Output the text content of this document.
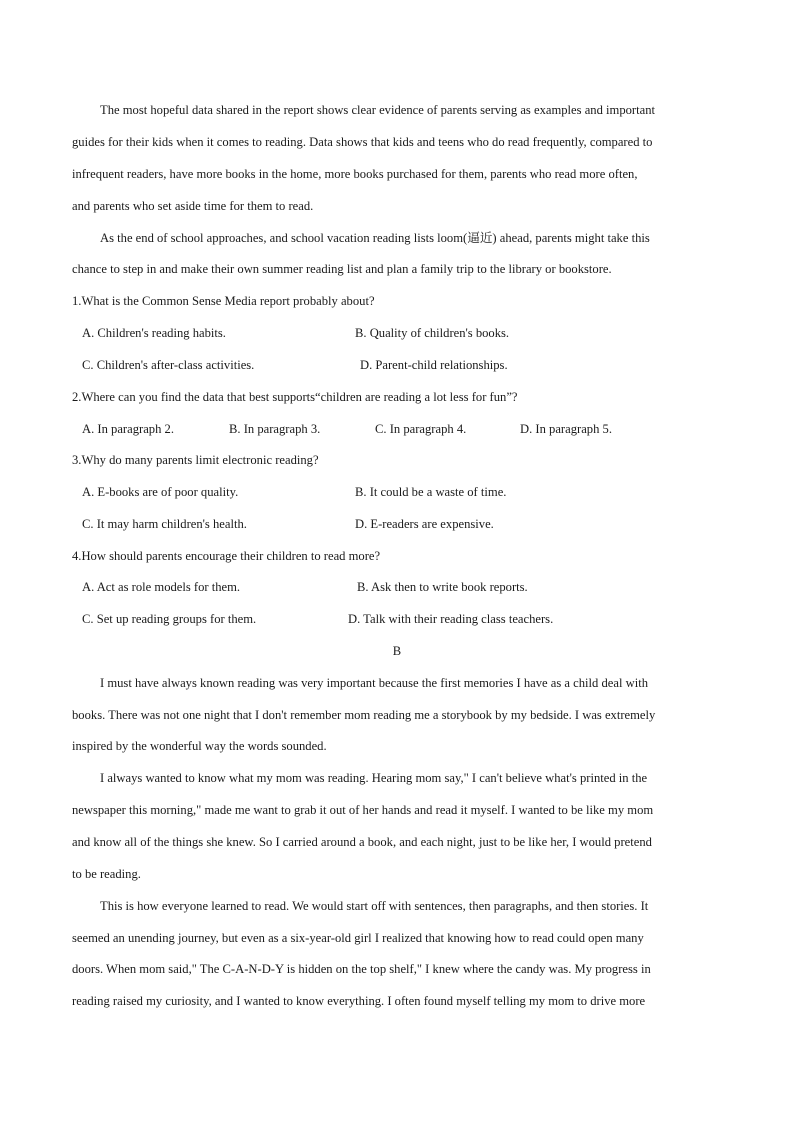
The most hopeful data shared in the report shows clear evidence of parents serving as examples and important
guides for their kids when it comes to reading. Data shows that kids and teens who do read frequently, compared to
infrequent readers, have more books in the home, more books purchased for them, parents who read more often,
and parents who set aside time for them to read.
As the end of school approaches, and school vacation reading lists loom(逼近) ahead, parents might take this
chance to step in and make their own summer reading list and plan a family trip to the library or bookstore.
1.What is the Common Sense Media report probably about?
A. Children's reading habits.	B. Quality of children's books.
C. Children's after-class activities.	D. Parent-child relationships.
2.Where can you find the data that best supports“children are reading a lot less for fun”?
A. In paragraph 2.	B. In paragraph 3.	C. In paragraph 4.	D. In paragraph 5.
3.Why do many parents limit electronic reading?
A. E-books are of poor quality.	B. It could be a waste of time.
C. It may harm children's health.	D. E-readers are expensive.
4.How should parents encourage their children to read more?
A. Act as role models for them.	B. Ask then to write book reports.
C. Set up reading groups for them.	D. Talk with their reading class teachers.
B
I must have always known reading was very important because the first memories I have as a child deal with
books. There was not one night that I don't remember mom reading me a storybook by my bedside. I was extremely
inspired by the wonderful way the words sounded.
I always wanted to know what my mom was reading. Hearing mom say," I can't believe what's printed in the
newspaper this morning," made me want to grab it out of her hands and read it myself. I wanted to be like my mom
and know all of the things she knew. So I carried around a book, and each night, just to be like her, I would pretend
to be reading.
This is how everyone learned to read. We would start off with sentences, then paragraphs, and then stories. It
seemed an unending journey, but even as a six-year-old girl I realized that knowing how to read could open many
doors. When mom said," The C-A-N-D-Y is hidden on the top shelf," I knew where the candy was. My progress in
reading raised my curiosity, and I wanted to know everything. I often found myself telling my mom to drive more
